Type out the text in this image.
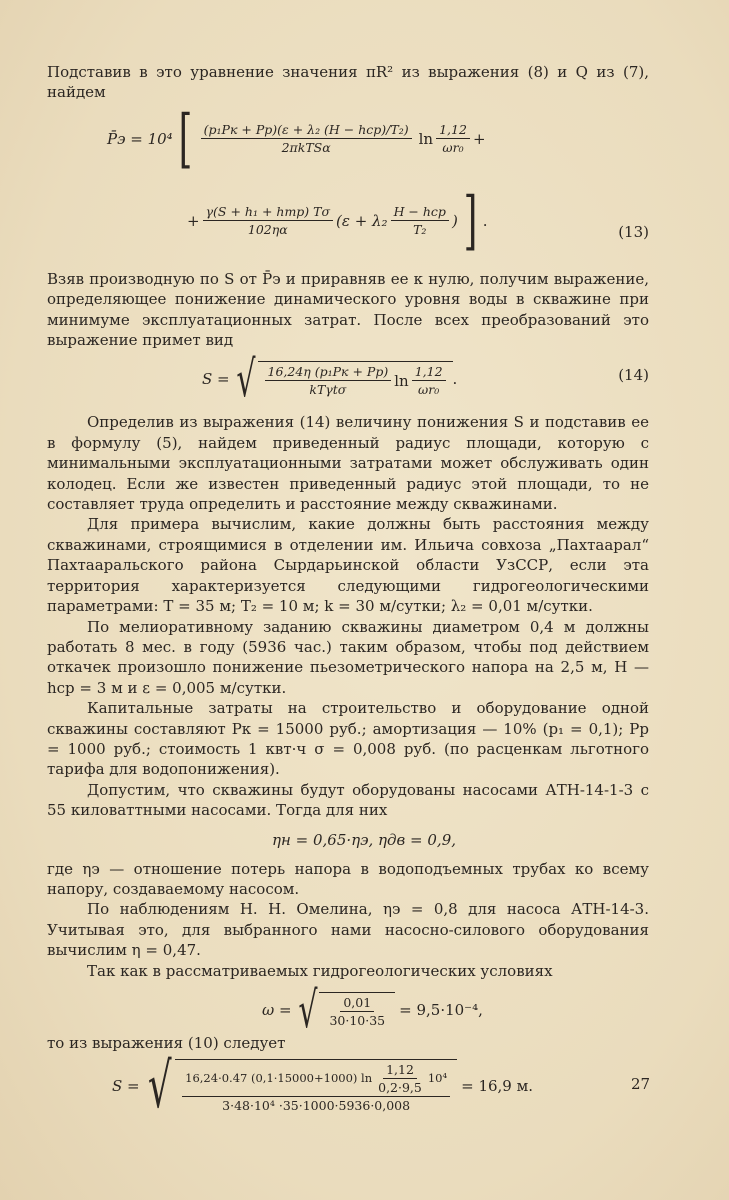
Подставив в это уравнение значения πR² из выражения (8) и Q из (7), найдем

P̄э = 10⁴ [ $\frac{\text{(p₁Pк + Pр)(ε + λ₂ (H − hср)/T₂)}}{\text{2πkTSα}}$ $\ln \frac{1,12}{\text{ωr₀}}$ +
+ $\frac{\text{γ(S + h₁ + hтр) Tσ}}{102\eta\alpha} (\varepsilon + \lambda_2 \frac{\text{H − hср}}{\text{T₂}}$ ) ] .
(13)

Взяв производную по S от P̄э и приравняв ее к нулю, получим выражение, определяющее понижение динамического уровня воды в скважине при минимуме эксплуатационных затрат. После всех преобразований это выражение примет вид

S = √ $\frac{\text{16,24η (p₁Pк + Pр)}}{\text{kTγtσ}}$ $\ln \frac{1,12}{\text{ωr₀}}$ .	(14)

Определив из выражения (14) величину понижения S и подставив ее в формулу (5), найдем приведенный радиус площади, которую с минимальными эксплуатационными затратами может обслуживать один колодец. Если же известен приведенный радиус этой площади, то не составляет труда определить и расстояние между скважинами.

Для примера вычислим, какие должны быть расстояния между скважинами, строящимися в отделении им. Ильича совхоза „Пахтаарал“ Пахтааральского района Сырдарьинской области УзССР, если эта территория характеризуется следующими гидрогеологическими параметрами: T = 35 м; T₂ = 10 м; k = 30 м/сутки; λ₂ = 0,01 м/сутки.

По мелиоративному заданию скважины диаметром 0,4 м должны работать 8 мес. в году (5936 час.) таким образом, чтобы под действием откачек произошло понижение пьезометрического напора на 2,5 м, H — hср = 3 м и ε = 0,005 м/сутки.

Капитальные затраты на строительство и оборудование одной скважины составляют Pк = 15000 руб.; амортизация — 10% (p₁ = 0,1); Pр = 1000 руб.; стоимость 1 квт·ч σ = 0,008 руб. (по расценкам льготного тарифа для водопонижения).

Допустим, что скважины будут оборудованы насосами АТН-14-1-3 с 55 киловаттными насосами. Тогда для них

ηн = 0,65·ηэ, ηдв = 0,9,

где ηэ — отношение потерь напора в водоподъемных трубах ко всему напору, создаваемому насосом.

По наблюдениям Н. Н. Омелина, ηэ = 0,8 для насоса АТН-14-3. Учитывая это, для выбранного нами насосно-силового оборудования вычислим η = 0,47.

Так как в рассматриваемых гидрогеологических условиях

ω = √ $\frac{0,01}{30\cdot 10\cdot 35} = 9,5\cdot 10^{-4}$,

то из выражения (10) следует

S = √ 16,24·0.47 (0,1·15000+1000) $\ln \frac{1,12}{0,2\cdot 9,5} 10^4$
3·48·10⁴ ·35·1000·5936·0,008
= 16,9 м.	27
